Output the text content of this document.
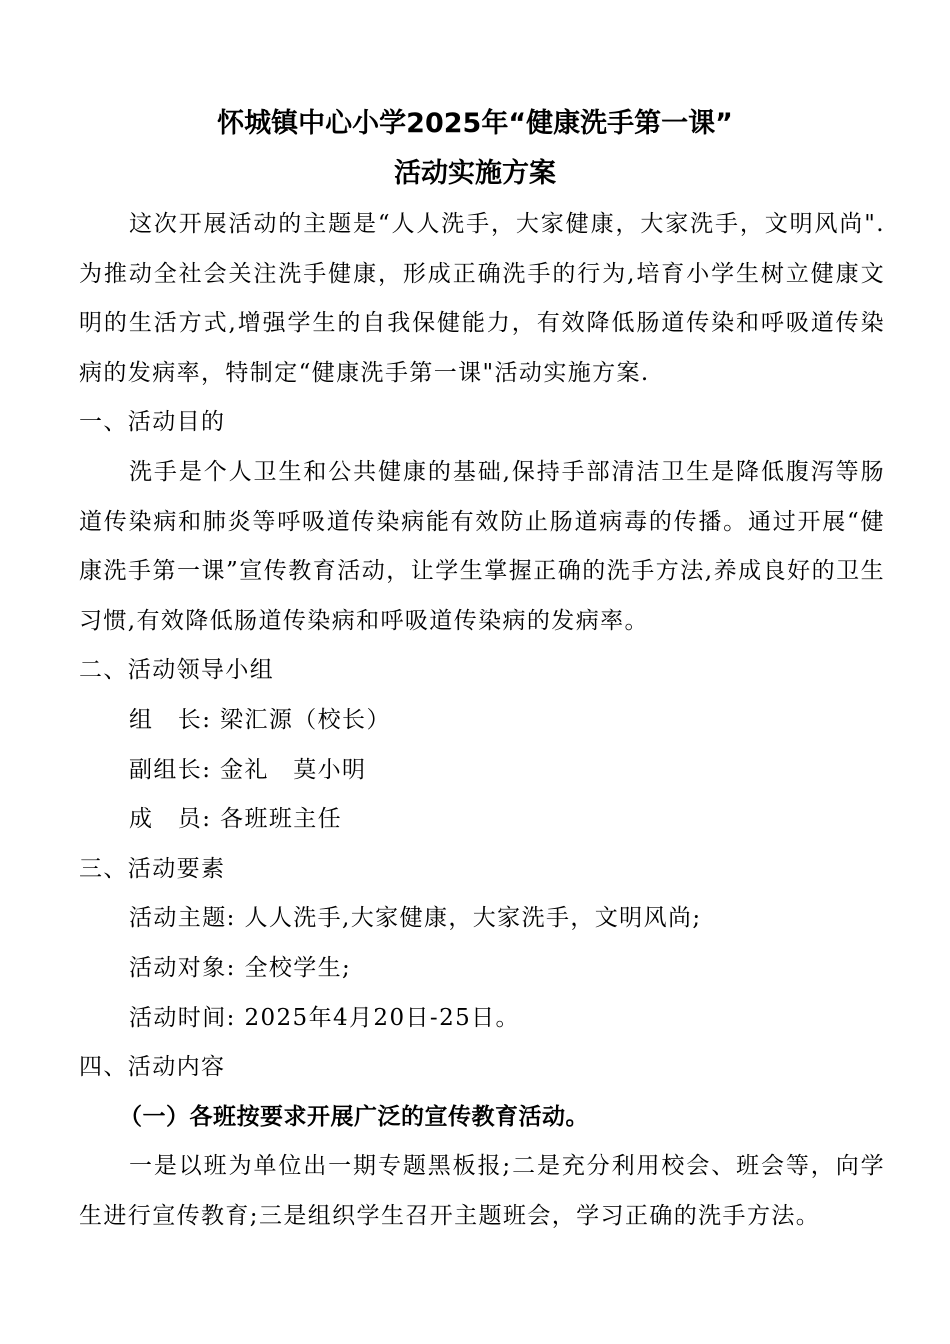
怀城镇中心小学2025年“健康洗手第一课”
活动实施方案

这次开展活动的主题是“人人洗手，大家健康，大家洗手，文明风尚".为推动全社会关注洗手健康，形成正确洗手的行为,培育小学生树立健康文明的生活方式,增强学生的自我保健能力，有效降低肠道传染和呼吸道传染病的发病率，特制定“健康洗手第一课"活动实施方案.

一、活动目的

洗手是个人卫生和公共健康的基础,保持手部清洁卫生是降低腹泻等肠道传染病和肺炎等呼吸道传染病能有效防止肠道病毒的传播。通过开展“健康洗手第一课”宣传教育活动，让学生掌握正确的洗手方法,养成良好的卫生习惯,有效降低肠道传染病和呼吸道传染病的发病率。

二、活动领导小组

组　长: 梁汇源（校长）

副组长: 金礼　莫小明

成　员: 各班班主任

三、活动要素

活动主题: 人人洗手,大家健康，大家洗手，文明风尚;

活动对象: 全校学生;

活动时间: 2025年4月20日-25日。

四、活动内容

（一）各班按要求开展广泛的宣传教育活动。

一是以班为单位出一期专题黑板报;二是充分利用校会、班会等，向学生进行宣传教育;三是组织学生召开主题班会，学习正确的洗手方法。
